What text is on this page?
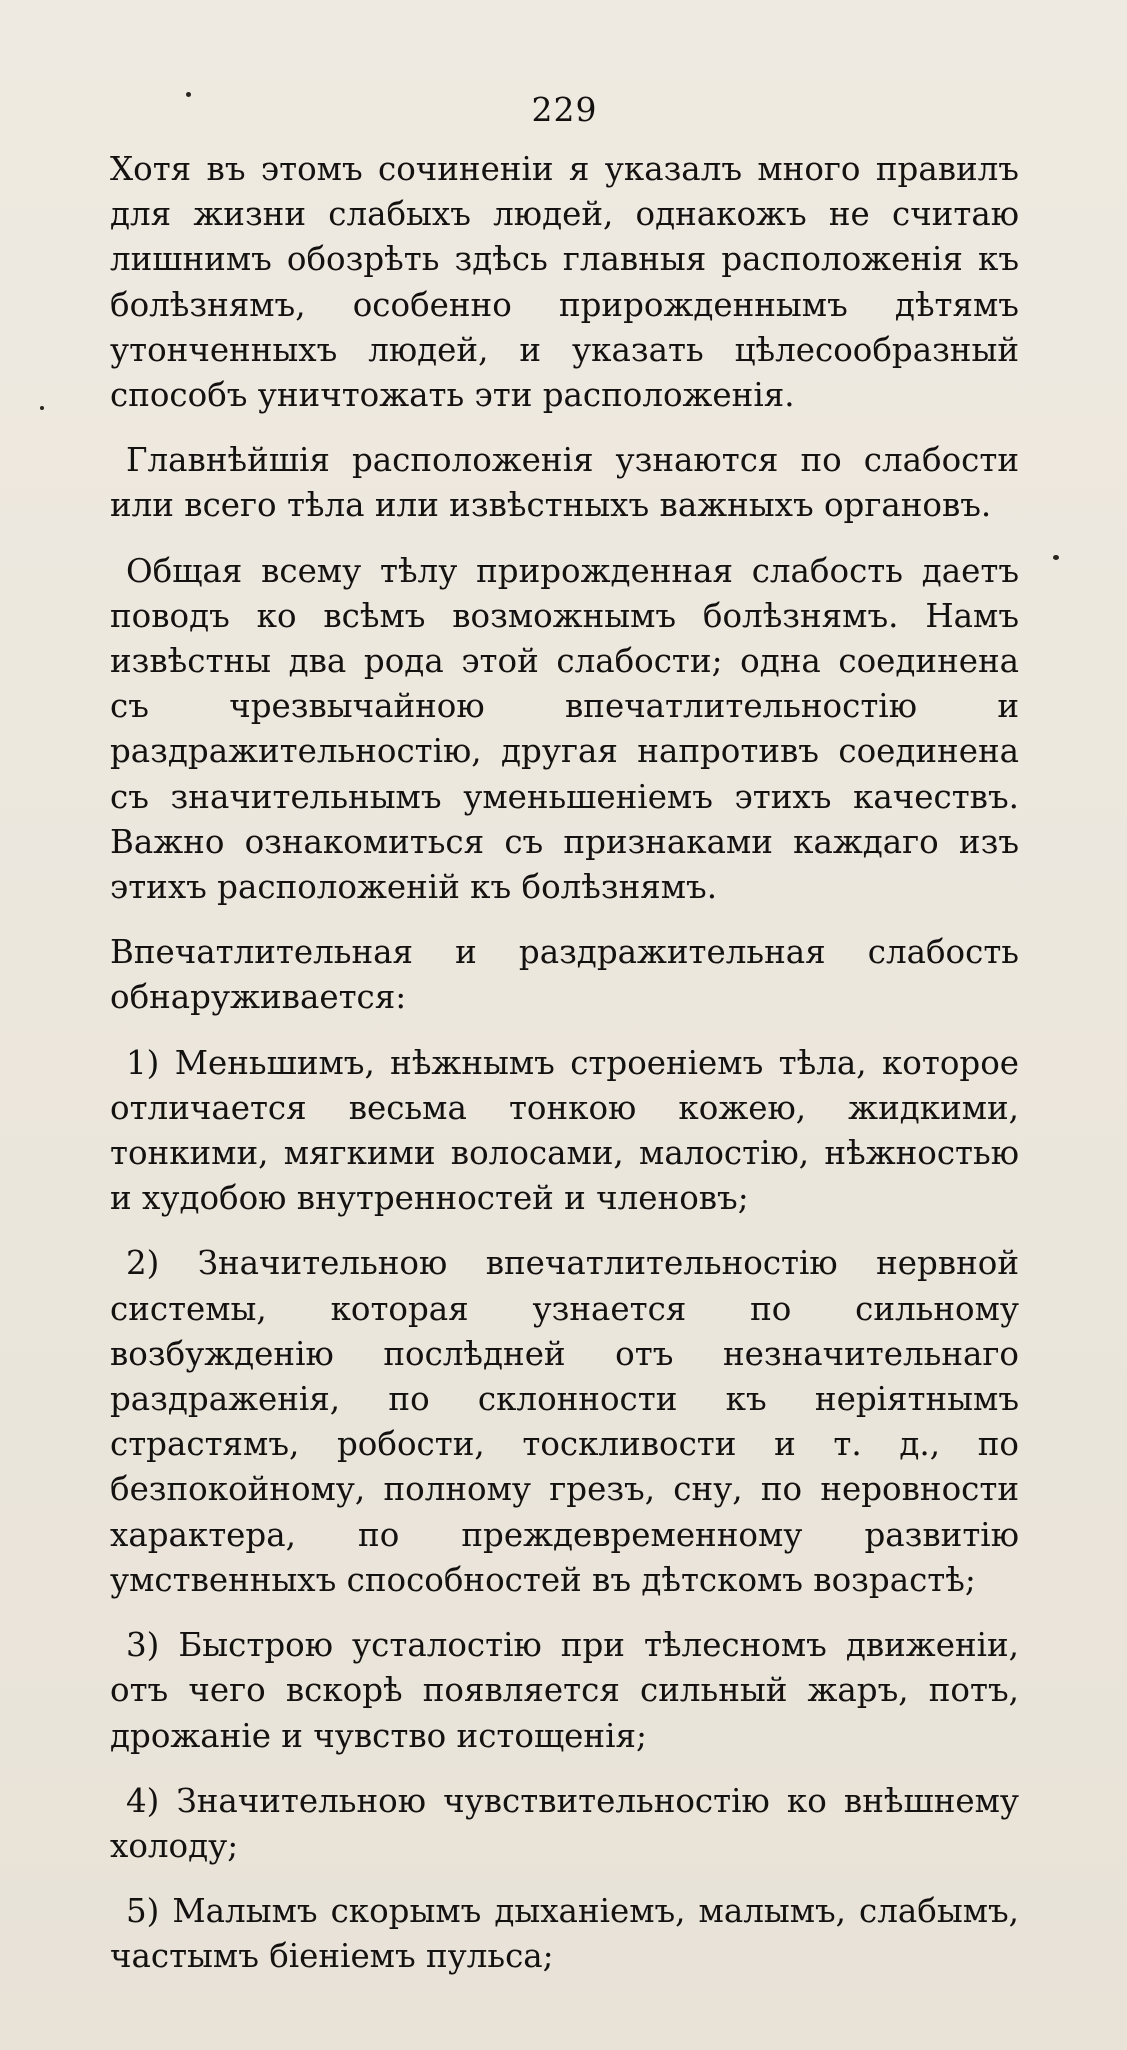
229

Хотя въ этомъ сочиненіи я указалъ много правилъ для жизни слабыхъ людей, однакожъ не считаю лишнимъ обозрѣть здѣсь главныя расположенія къ болѣзнямъ, особенно прирожденнымъ дѣтямъ утонченныхъ людей, и указать цѣлесообразный способъ уничтожать эти расположенія.

Главнѣйшія расположенія узнаются по слабости или всего тѣла или извѣстныхъ важныхъ органовъ.

Общая всему тѣлу прирожденная слабость даетъ поводъ ко всѣмъ возможнымъ болѣзнямъ. Намъ извѣстны два рода этой слабости; одна соединена съ чрезвычайною впечатлительностію и раздражительностію, другая напротивъ соединена съ значительнымъ уменьшеніемъ этихъ качествъ. Важно ознакомиться съ признаками каждаго изъ этихъ расположеній къ болѣзнямъ.

Впечатлительная и раздражительная слабость обнаруживается:

1) Меньшимъ, нѣжнымъ строеніемъ тѣла, которое отличается весьма тонкою кожею, жидкими, тонкими, мягкими волосами, малостію, нѣжностью и худобою внутренностей и членовъ;

2) Значительною впечатлительностію нервной системы, которая узнается по сильному возбужденію послѣдней отъ незначительнаго раздраженія, по склонности къ неріятнымъ страстямъ, робости, тоскливости и т. д., по безпокойному, полному грезъ, сну, по неровности характера, по преждевременному развитію умственныхъ способностей въ дѣтскомъ возрастѣ;

3) Быстрою усталостію при тѣлесномъ движеніи, отъ чего вскорѣ появляется сильный жаръ, потъ, дрожаніе и чувство истощенія;

4) Значительною чувствительностію ко внѣшнему холоду;

5) Малымъ скорымъ дыханіемъ, малымъ, слабымъ, частымъ біеніемъ пульса;
